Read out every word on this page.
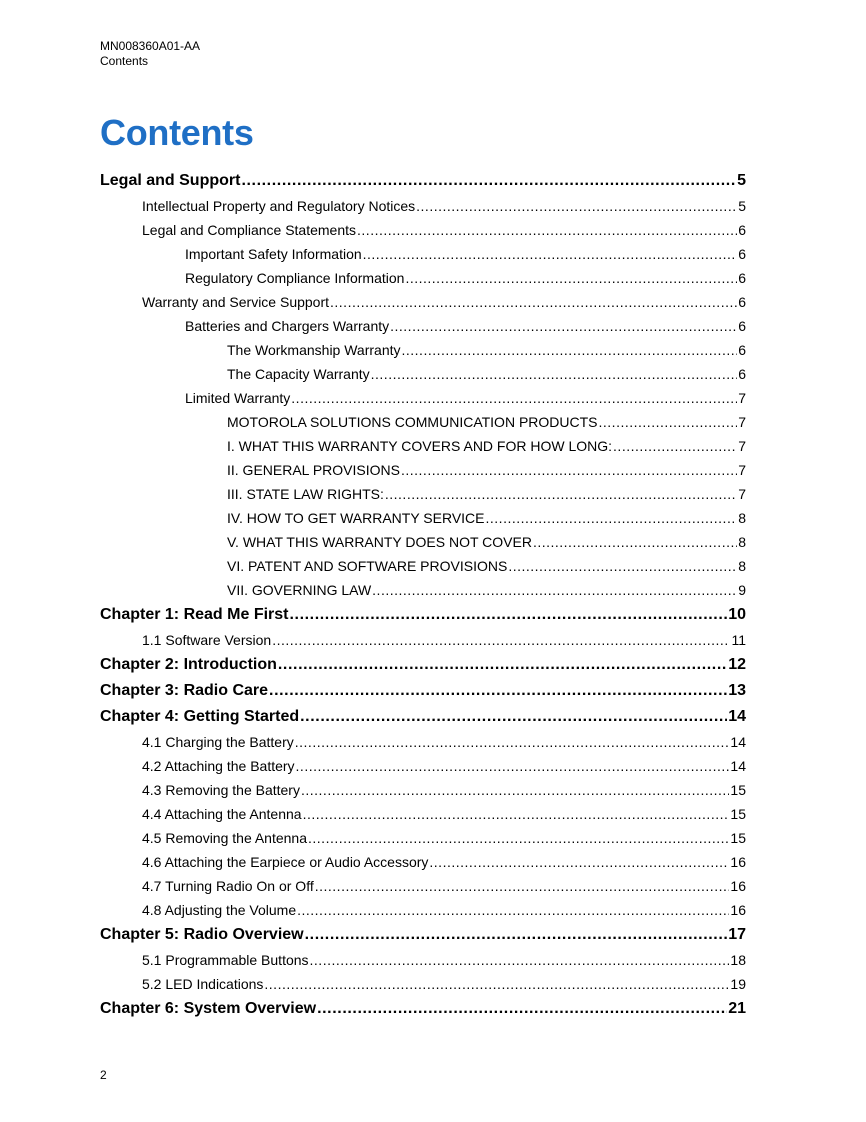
MN008360A01-AA
Contents
Contents
Legal and Support .....	5
Intellectual Property and Regulatory Notices .....	5
Legal and Compliance Statements .....	6
Important Safety Information .....	6
Regulatory Compliance Information .....	6
Warranty and Service Support .....	6
Batteries and Chargers Warranty .....	6
The Workmanship Warranty .....	6
The Capacity Warranty .....	6
Limited Warranty .....	7
MOTOROLA SOLUTIONS COMMUNICATION PRODUCTS .....	7
I. WHAT THIS WARRANTY COVERS AND FOR HOW LONG: .....	7
II. GENERAL PROVISIONS .....	7
III. STATE LAW RIGHTS: .....	7
IV. HOW TO GET WARRANTY SERVICE .....	8
V. WHAT THIS WARRANTY DOES NOT COVER .....	8
VI. PATENT AND SOFTWARE PROVISIONS .....	8
VII. GOVERNING LAW .....	9
Chapter 1: Read Me First .....	10
1.1 Software Version .....	11
Chapter 2: Introduction .....	12
Chapter 3: Radio Care .....	13
Chapter 4: Getting Started .....	14
4.1 Charging the Battery .....	14
4.2 Attaching the Battery .....	14
4.3 Removing the Battery .....	15
4.4 Attaching the Antenna .....	15
4.5 Removing the Antenna .....	15
4.6 Attaching the Earpiece or Audio Accessory .....	16
4.7 Turning Radio On or Off .....	16
4.8 Adjusting the Volume .....	16
Chapter 5: Radio Overview .....	17
5.1 Programmable Buttons .....	18
5.2 LED Indications .....	19
Chapter 6: System Overview .....	21
2
